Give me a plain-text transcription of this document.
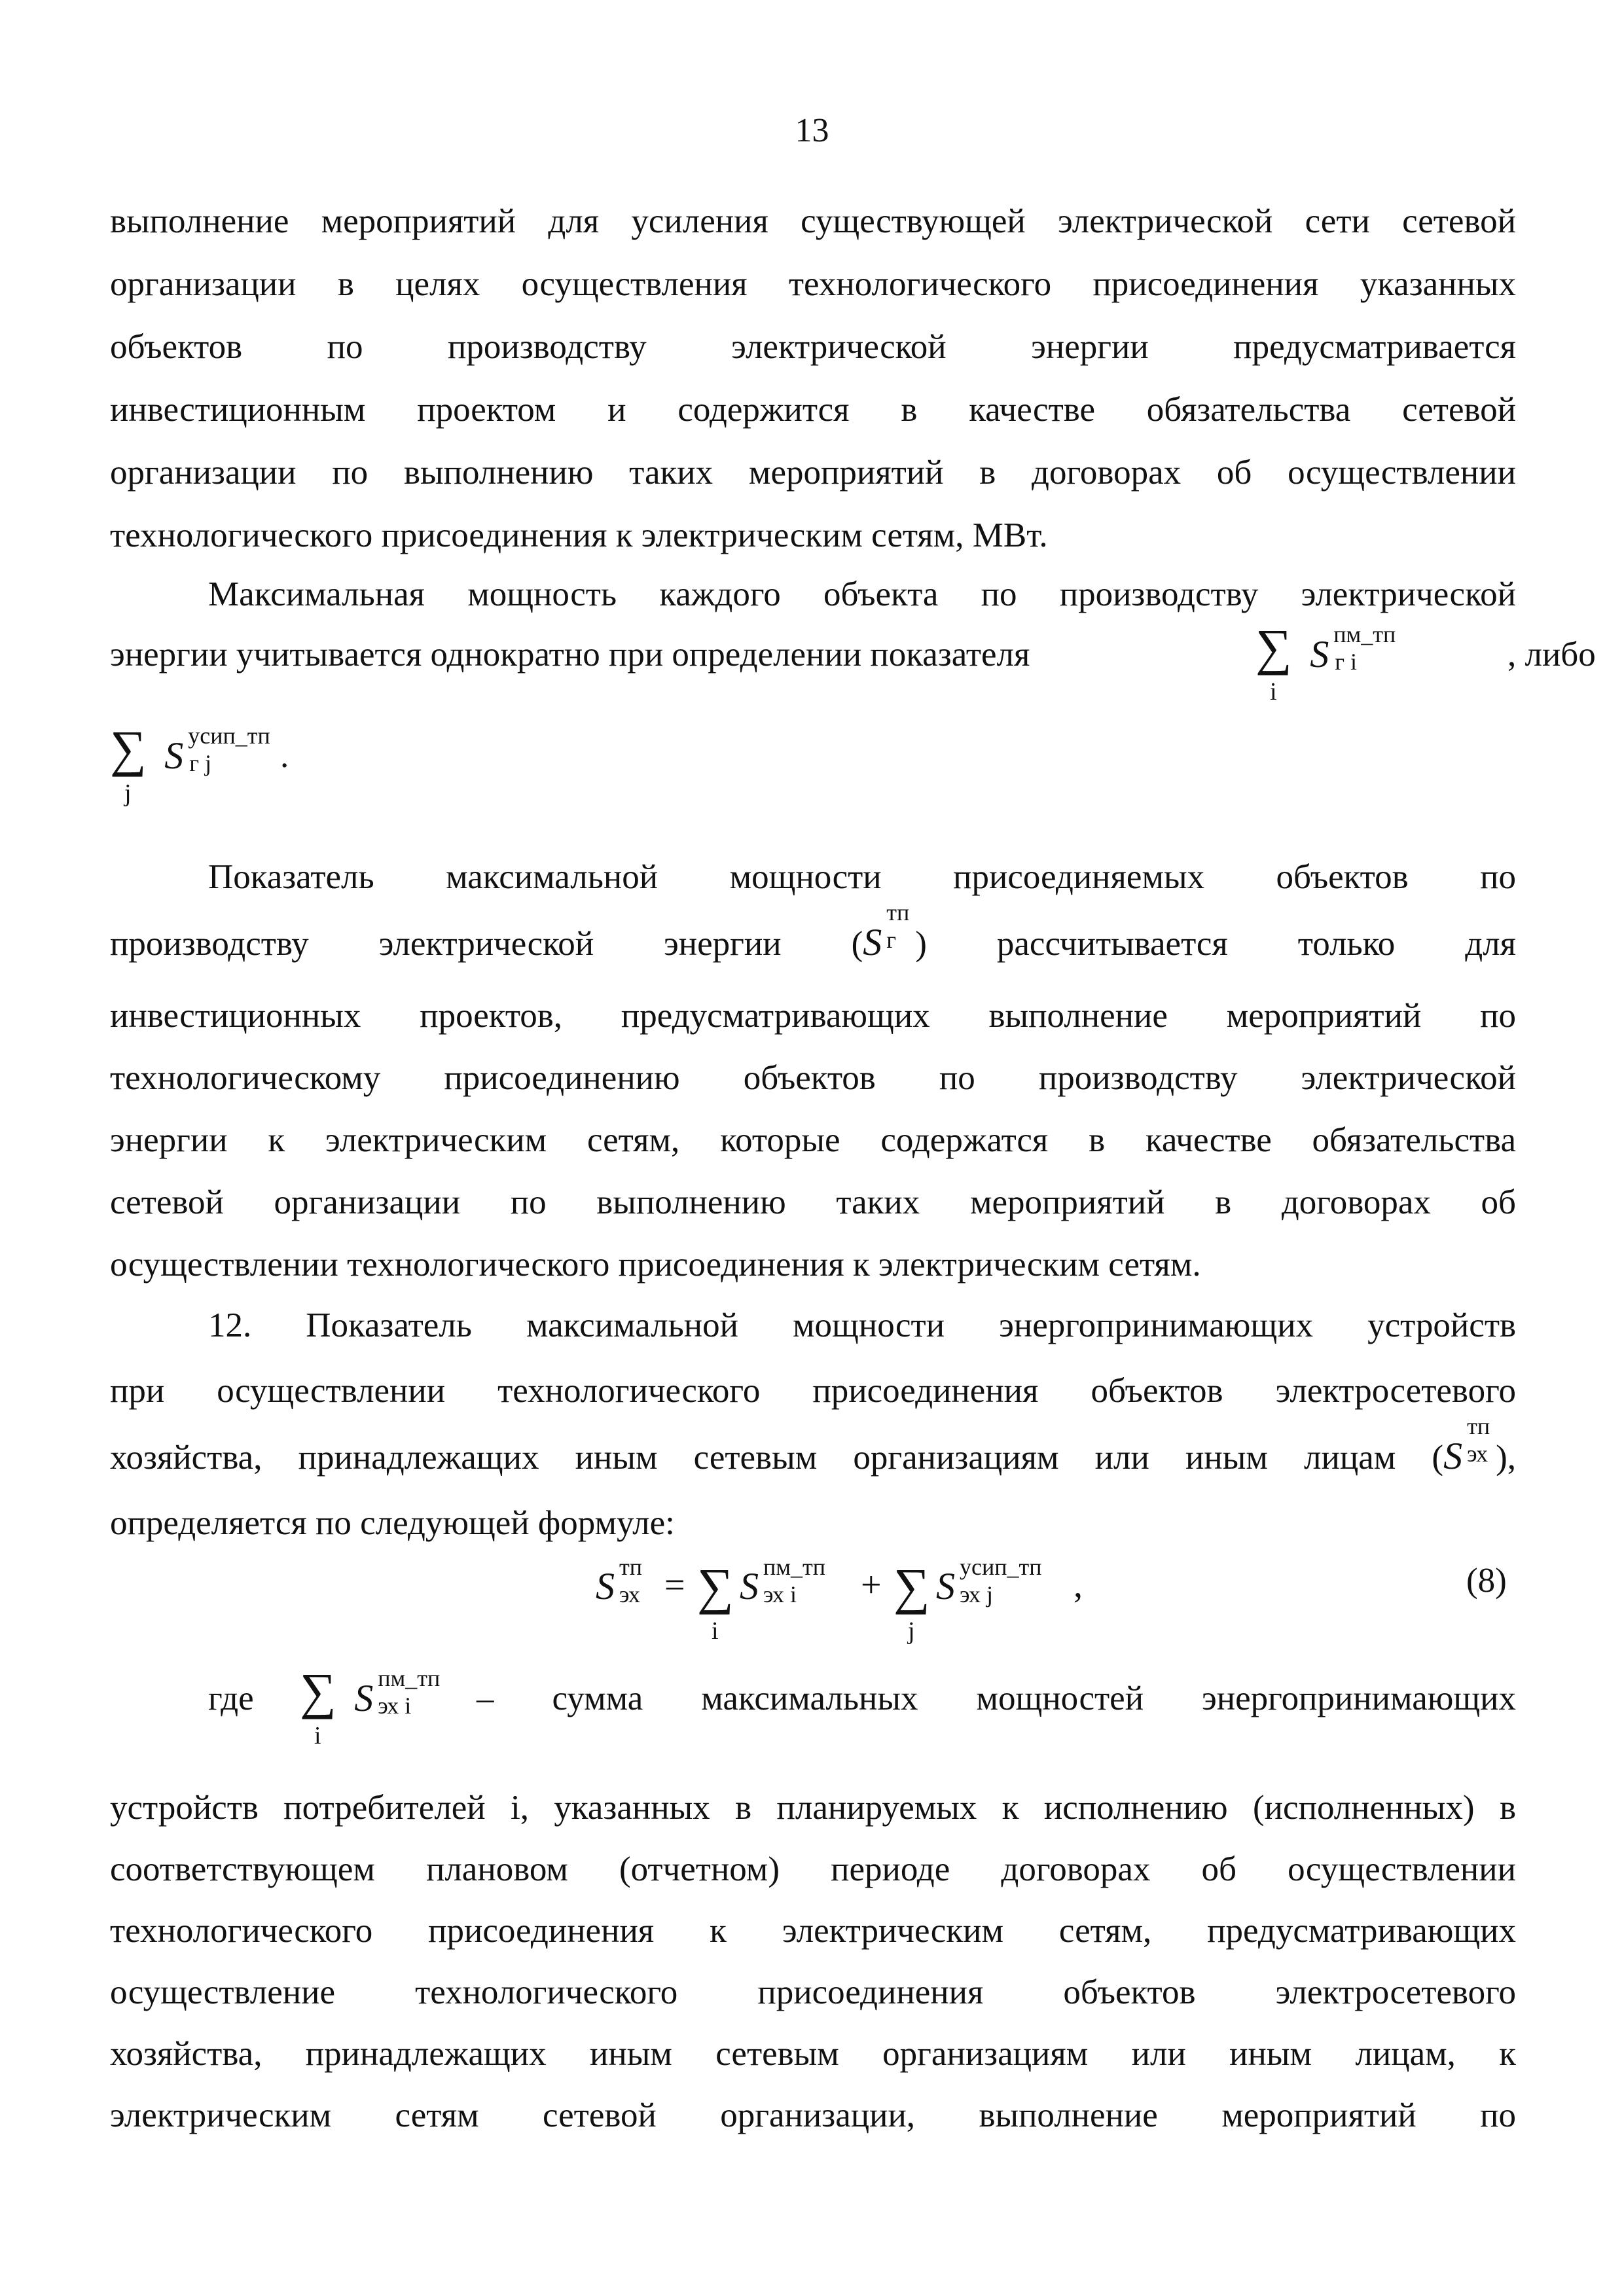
13
выполнение мероприятий для усиления существующей электрической сети сетевой
организации в целях осуществления технологического присоединения указанных
объектов по производству электрической энергии предусматривается
инвестиционным проектом и содержится в качестве обязательства сетевой
организации по выполнению таких мероприятий в договорах об осуществлении
технологического присоединения к электрическим сетям, МВт.
Максимальная мощность каждого объекта по производству электрической
энергии учитывается однократно при определении показателя	∑
i
S пм_тп
г i	, либо
∑
j
S усип_тп
г j .
Показатель максимальной мощности присоединяемых объектов по
производству электрической энергии (S
тп
г ) рассчитывается только для
инвестиционных проектов, предусматривающих выполнение мероприятий по
технологическому присоединению объектов по производству электрической
энергии к электрическим сетям, которые содержатся в качестве обязательства
сетевой организации по выполнению таких мероприятий в договорах об
осуществлении технологического присоединения к электрическим сетям.
12. Показатель максимальной мощности энергопринимающих устройств
при осуществлении технологического присоединения объектов электросетевого
хозяйства, принадлежащих иным сетевым организациям или иным лицам (S
тп
эх ),
определяется по следующей формуле:
S тп
эх = ∑
i
S пм_тп
эх i + ∑
j
S усип_тп
эх j ,	(8)
где ∑
i
S пм_тп
эх i – сумма максимальных мощностей энергопринимающих
устройств потребителей i, указанных в планируемых к исполнению (исполненных) в
соответствующем плановом (отчетном) периоде договорах об осуществлении
технологического присоединения к электрическим сетям, предусматривающих
осуществление технологического присоединения объектов электросетевого
хозяйства, принадлежащих иным сетевым организациям или иным лицам, к
электрическим сетям сетевой организации, выполнение мероприятий по
